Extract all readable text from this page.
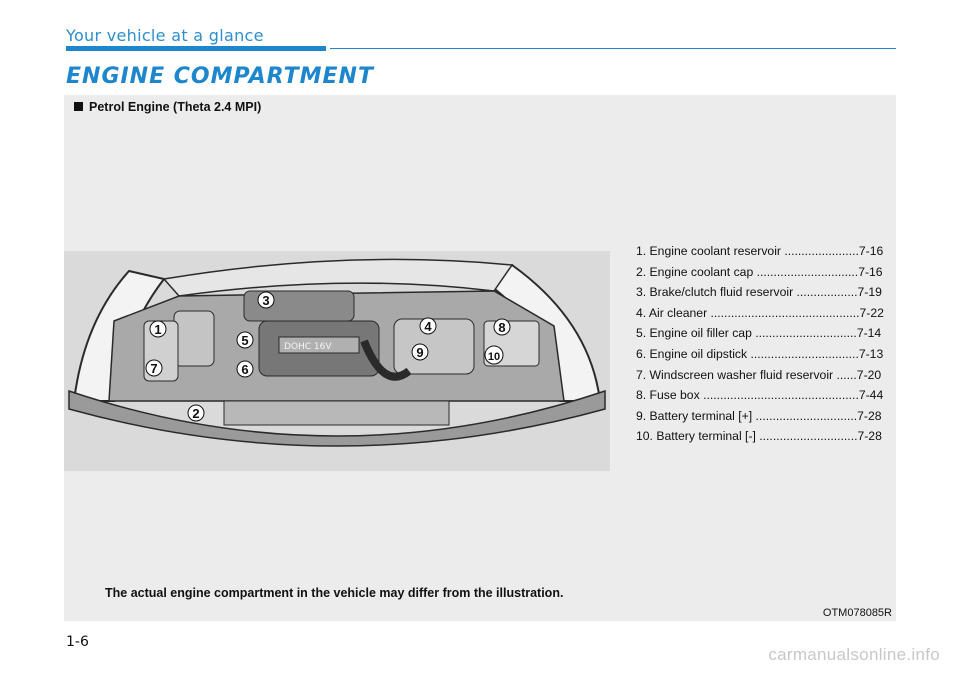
Your vehicle at a glance
ENGINE COMPARTMENT
Petrol Engine (Theta 2.4 MPI)
DOHC 16V
1
2
3
4
5
6
7
8
9	10
1. Engine coolant reservoir ......................7-16
2. Engine coolant cap ..............................7-16
3. Brake/clutch fluid reservoir ..................7-19
4. Air cleaner ............................................7-22
5. Engine oil filler cap ..............................7-14
6. Engine oil dipstick ................................7-13
7. Windscreen washer fluid reservoir ......7-20
8. Fuse box ..............................................7-44
9. Battery terminal [+] ..............................7-28
10. Battery terminal [-] .............................7-28
The actual engine compartment in the vehicle may differ from the illustration.
OTM078085R
1-6
carmanualsonline.info
